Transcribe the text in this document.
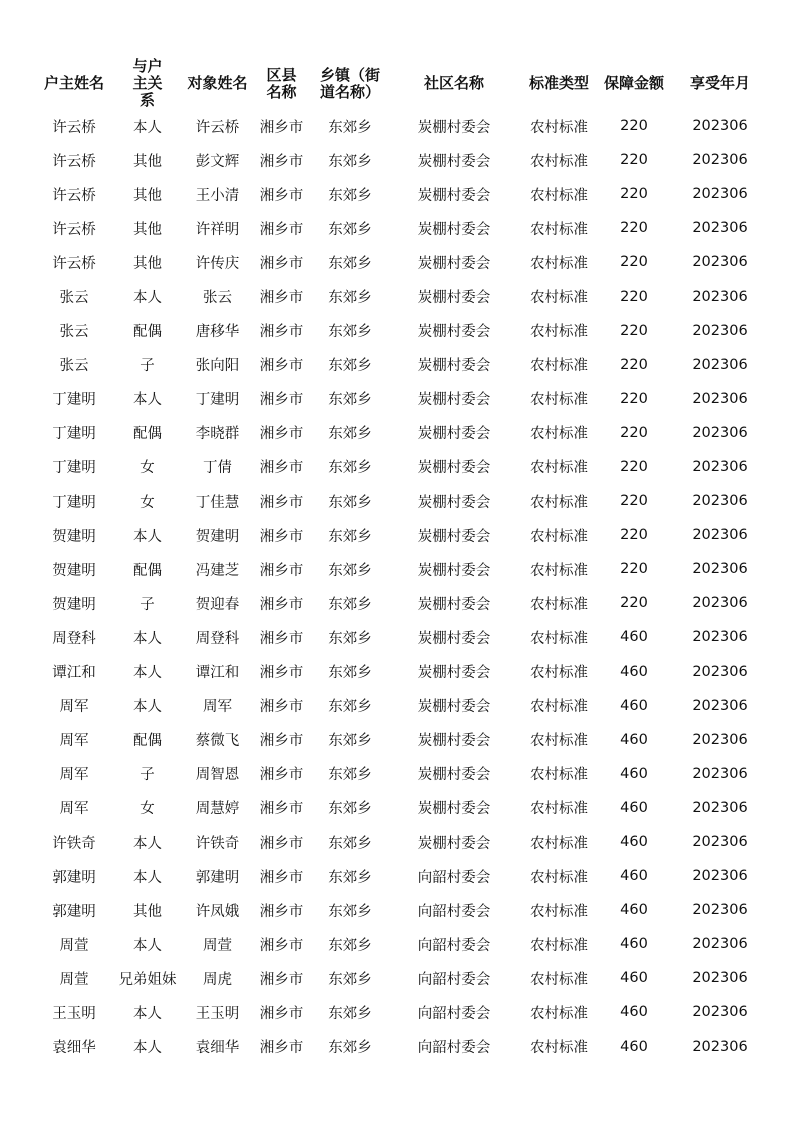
户主姓名	与户主关系	对象姓名	区县名称	乡镇（街道名称）	社区名称	标准类型	保障金额	享受年月
许云桥	本人	许云桥	湘乡市	东郊乡	炭棚村委会	农村标准	220	202306
许云桥	其他	彭文辉	湘乡市	东郊乡	炭棚村委会	农村标准	220	202306
许云桥	其他	王小清	湘乡市	东郊乡	炭棚村委会	农村标准	220	202306
许云桥	其他	许祥明	湘乡市	东郊乡	炭棚村委会	农村标准	220	202306
许云桥	其他	许传庆	湘乡市	东郊乡	炭棚村委会	农村标准	220	202306
张云	本人	张云	湘乡市	东郊乡	炭棚村委会	农村标准	220	202306
张云	配偶	唐移华	湘乡市	东郊乡	炭棚村委会	农村标准	220	202306
张云	子	张向阳	湘乡市	东郊乡	炭棚村委会	农村标准	220	202306
丁建明	本人	丁建明	湘乡市	东郊乡	炭棚村委会	农村标准	220	202306
丁建明	配偶	李晓群	湘乡市	东郊乡	炭棚村委会	农村标准	220	202306
丁建明	女	丁倩	湘乡市	东郊乡	炭棚村委会	农村标准	220	202306
丁建明	女	丁佳慧	湘乡市	东郊乡	炭棚村委会	农村标准	220	202306
贺建明	本人	贺建明	湘乡市	东郊乡	炭棚村委会	农村标准	220	202306
贺建明	配偶	冯建芝	湘乡市	东郊乡	炭棚村委会	农村标准	220	202306
贺建明	子	贺迎春	湘乡市	东郊乡	炭棚村委会	农村标准	220	202306
周登科	本人	周登科	湘乡市	东郊乡	炭棚村委会	农村标准	460	202306
谭江和	本人	谭江和	湘乡市	东郊乡	炭棚村委会	农村标准	460	202306
周军	本人	周军	湘乡市	东郊乡	炭棚村委会	农村标准	460	202306
周军	配偶	蔡微飞	湘乡市	东郊乡	炭棚村委会	农村标准	460	202306
周军	子	周智恩	湘乡市	东郊乡	炭棚村委会	农村标准	460	202306
周军	女	周慧婷	湘乡市	东郊乡	炭棚村委会	农村标准	460	202306
许铁奇	本人	许铁奇	湘乡市	东郊乡	炭棚村委会	农村标准	460	202306
郭建明	本人	郭建明	湘乡市	东郊乡	向韶村委会	农村标准	460	202306
郭建明	其他	许凤娥	湘乡市	东郊乡	向韶村委会	农村标准	460	202306
周萱	本人	周萱	湘乡市	东郊乡	向韶村委会	农村标准	460	202306
周萱	兄弟姐妹	周虎	湘乡市	东郊乡	向韶村委会	农村标准	460	202306
王玉明	本人	王玉明	湘乡市	东郊乡	向韶村委会	农村标准	460	202306
袁细华	本人	袁细华	湘乡市	东郊乡	向韶村委会	农村标准	460	202306
